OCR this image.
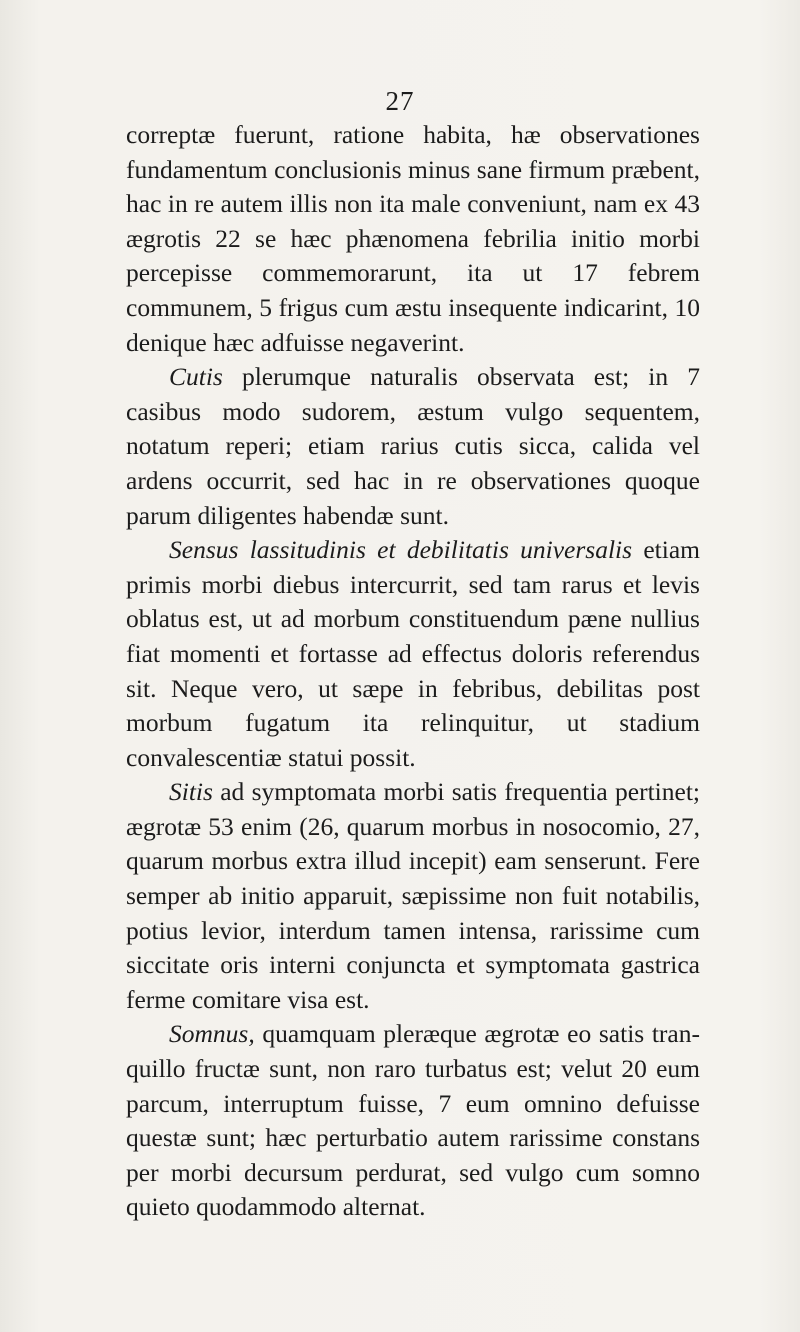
27

correptæ fuerunt, ratione habita, hæ observationes fundamentum conclusionis minus sane firmum præbent, hac in re autem illis non ita male conveniunt, nam ex 43 ægrotis 22 se hæc phænomena febrilia initio morbi percepisse commemorarunt, ita ut 17 febrem communem, 5 frigus cum æstu insequente indicarint, 10 denique hæc adfuisse negaverint.

Cutis plerumque naturalis observata est; in 7 casibus modo sudorem, æstum vulgo sequentem, notatum reperi; etiam rarius cutis sicca, calida vel ardens occurrit, sed hac in re observationes quoque parum diligentes habendæ sunt.

Sensus lassitudinis et debilitatis universalis etiam primis morbi diebus intercurrit, sed tam rarus et levis oblatus est, ut ad morbum constituendum pæne nullius fiat momenti et fortasse ad effectus doloris referendus sit. Neque vero, ut sæpe in febribus, debilitas post morbum fugatum ita relinquitur, ut stadium convalescentiæ statui possit.

Sitis ad symptomata morbi satis frequentia pertinet; ægrotæ 53 enim (26, quarum morbus in nosocomio, 27, quarum morbus extra illud incepit) eam senserunt. Fere semper ab initio apparuit, sæpissime non fuit notabilis, potius levior, interdum tamen intensa, rarissime cum siccitate oris interni conjuncta et symptomata gastrica ferme comitare visa est.

Somnus, quamquam pleræque ægrotæ eo satis tranquillo fructæ sunt, non raro turbatus est; velut 20 eum parcum, interruptum fuisse, 7 eum omnino defuisse questæ sunt; hæc perturbatio autem rarissime constans per morbi decursum perdurat, sed vulgo cum somno quieto quodammodo alternat.
